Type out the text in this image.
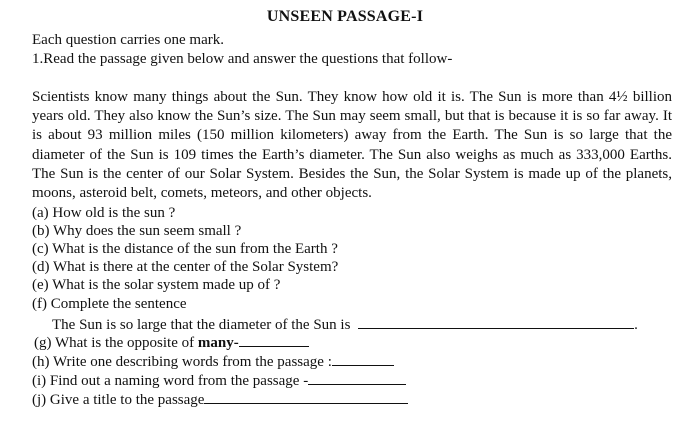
UNSEEN PASSAGE-I
Each question carries one mark.
1.Read the passage given below and answer the questions that follow-

Scientists know many things about the Sun. They know how old it is. The Sun is more than 4½ billion years old. They also know the Sun’s size. The Sun may seem small, but that is because it is so far away. It is about 93 million miles (150 million kilometers) away from the Earth. The Sun is so large that the diameter of the Sun is 109 times the Earth’s diameter. The Sun also weighs as much as 333,000 Earths. The Sun is the center of our Solar System. Besides the Sun, the Solar System is made up of the planets, moons, asteroid belt, comets, meteors, and other objects.

(a) How old is the sun ?
(b) Why does the sun seem small ?
(c) What is the distance of the sun from the Earth ?
(d) What is there at the center of the Solar System?
(e) What is the solar system made up of ?
(f) Complete the sentence
The Sun is so large that the diameter of the Sun is	.
(g) What is the opposite of many-
(h) Write one describing words from the passage :
(i) Find out a naming word from the passage -
(j) Give a title to the passage
